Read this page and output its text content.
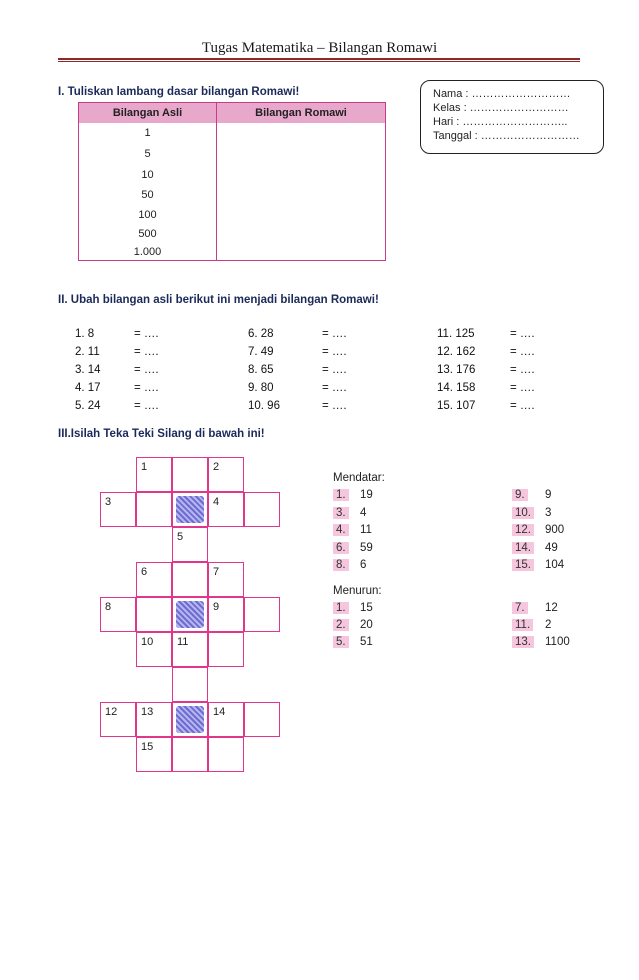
Tugas Matematika – Bilangan Romawi
I. Tuliskan lambang dasar bilangan Romawi!	Nama : ………………………
Kelas : ………………………
Hari : ………………………..
Tanggal : ………………………
Bilangan Asli	Bilangan Romawi
1
5
10
50
100
500
1.000
II. Ubah bilangan asli berikut ini menjadi bilangan Romawi!
1. 8	= ….
2. 11	= ….
3. 14	= ….
4. 17	= ….
5. 24	= ….
6. 28	= ….
7. 49	= ….
8. 65	= ….
9. 80	= ….
10. 96	= ….
11. 125	= ….
12. 162	= ….
13. 176	= ….
14. 158	= ….
15. 107	= ….
III.Isilah Teka Teki Silang di bawah ini!
1	2
3	4
5
6	7
8	9
10 11
12 13	14
15
Mendatar:
1. 19
3. 4
4. 11
6. 59
8. 6
9. 9
10. 3
12. 900
14. 49
15. 104
Menurun:
1. 15
2. 20
5. 51
7. 12
11. 2
13. 1100
